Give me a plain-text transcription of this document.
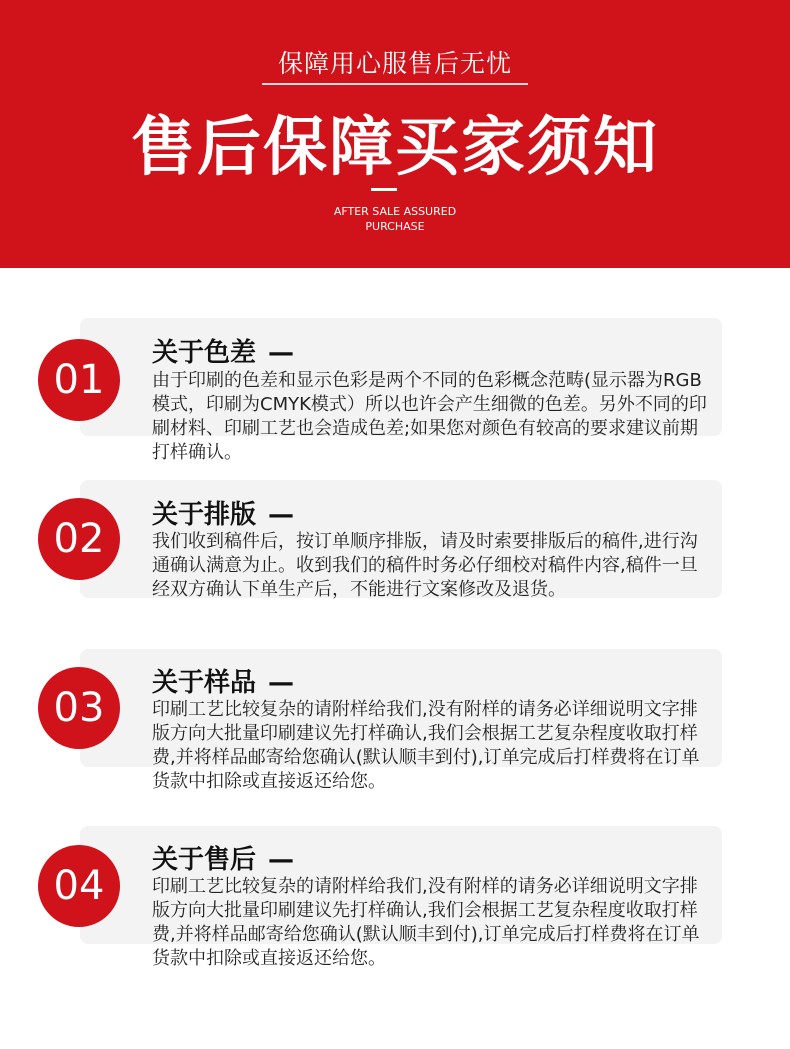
保障用心服售后无忧
售后保障买家须知
AFTER SALE ASSURED
PURCHASE
01
关于色差 —
由于印刷的色差和显示色彩是两个不同的色彩概念范畴(显示器为RGB模式，印刷为CMYK模式）所以也许会产生细微的色差。另外不同的印刷材料、印刷工艺也会造成色差;如果您对颜色有较高的要求建议前期打样确认。
02
关于排版 —
我们收到稿件后，按订单顺序排版，请及时索要排版后的稿件,进行沟通确认满意为止。收到我们的稿件时务必仔细校对稿件内容,稿件一旦经双方确认下单生产后，不能进行文案修改及退货。
03
关于样品 —
印刷工艺比较复杂的请附样给我们,没有附样的请务必详细说明文字排版方向大批量印刷建议先打样确认,我们会根据工艺复杂程度收取打样费,并将样品邮寄给您确认(默认顺丰到付),订单完成后打样费将在订单货款中扣除或直接返还给您。
04
关于售后 —
印刷工艺比较复杂的请附样给我们,没有附样的请务必详细说明文字排版方向大批量印刷建议先打样确认,我们会根据工艺复杂程度收取打样费,并将样品邮寄给您确认(默认顺丰到付),订单完成后打样费将在订单货款中扣除或直接返还给您。
